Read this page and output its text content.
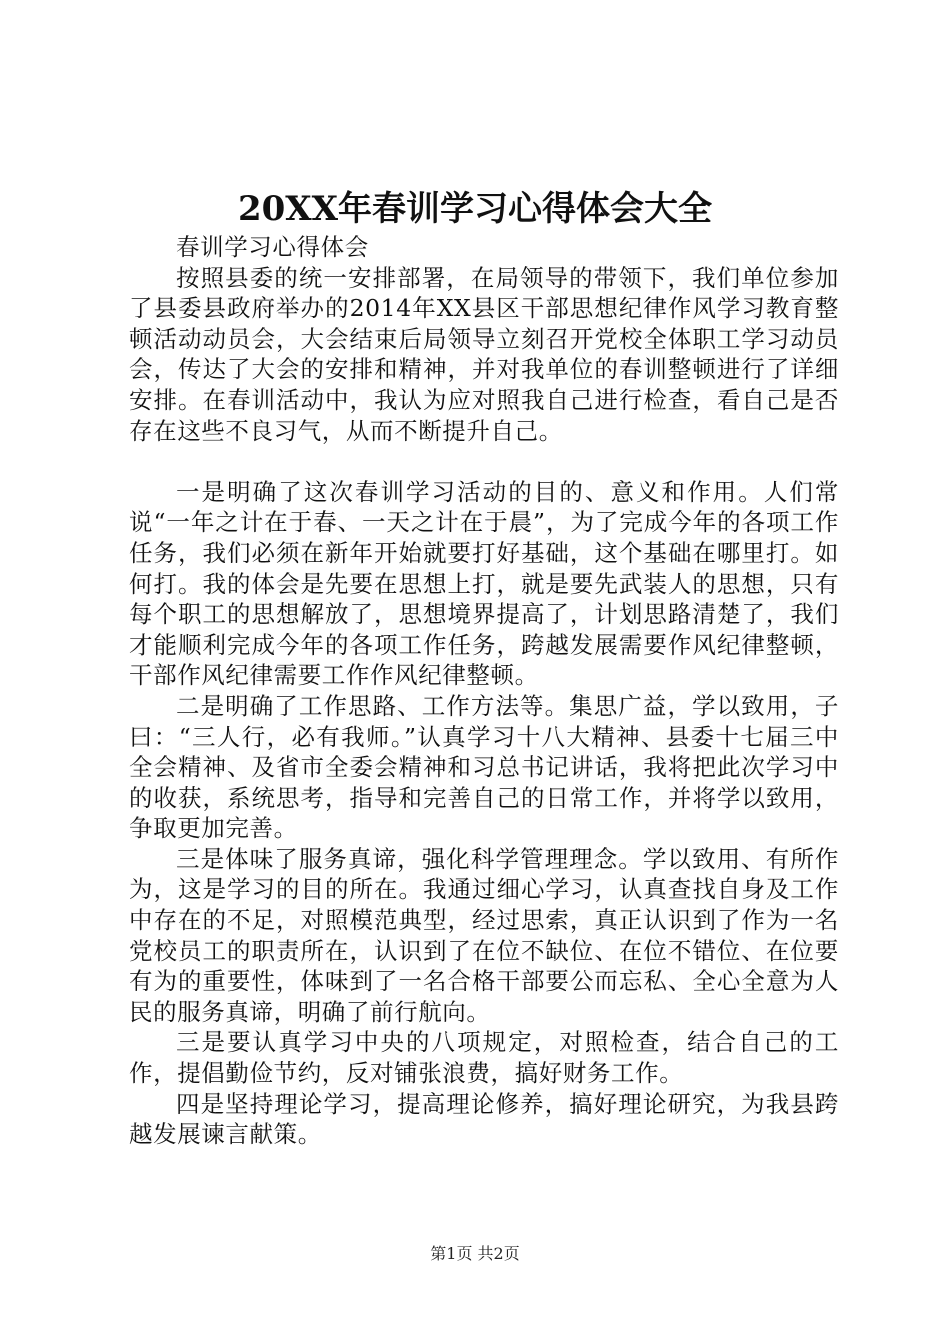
20XX年春训学习心得体会大全

春训学习心得体会

按照县委的统一安排部署，在局领导的带领下，我们单位参加了县委县政府举办的2014年XX县区干部思想纪律作风学习教育整顿活动动员会，大会结束后局领导立刻召开党校全体职工学习动员会，传达了大会的安排和精神，并对我单位的春训整顿进行了详细安排。在春训活动中，我认为应对照我自己进行检查，看自己是否存在这些不良习气，从而不断提升自己。

一是明确了这次春训学习活动的目的、意义和作用。人们常说“一年之计在于春、一天之计在于晨”，为了完成今年的各项工作任务，我们必须在新年开始就要打好基础，这个基础在哪里打。如何打。我的体会是先要在思想上打，就是要先武装人的思想，只有每个职工的思想解放了，思想境界提高了，计划思路清楚了，我们才能顺利完成今年的各项工作任务，跨越发展需要作风纪律整顿，干部作风纪律需要工作作风纪律整顿。

二是明确了工作思路、工作方法等。集思广益，学以致用，子曰：“三人行，必有我师。”认真学习十八大精神、县委十七届三中全会精神、及省市全委会精神和习总书记讲话，我将把此次学习中的收获，系统思考，指导和完善自己的日常工作，并将学以致用，争取更加完善。

三是体味了服务真谛，强化科学管理理念。学以致用、有所作为，这是学习的目的所在。我通过细心学习，认真查找自身及工作中存在的不足，对照模范典型，经过思索，真正认识到了作为一名党校员工的职责所在，认识到了在位不缺位、在位不错位、在位要有为的重要性，体味到了一名合格干部要公而忘私、全心全意为人民的服务真谛，明确了前行航向。

三是要认真学习中央的八项规定，对照检查，结合自己的工作，提倡勤俭节约，反对铺张浪费，搞好财务工作。

四是坚持理论学习，提高理论修养，搞好理论研究，为我县跨越发展谏言献策。

第1页 共2页
